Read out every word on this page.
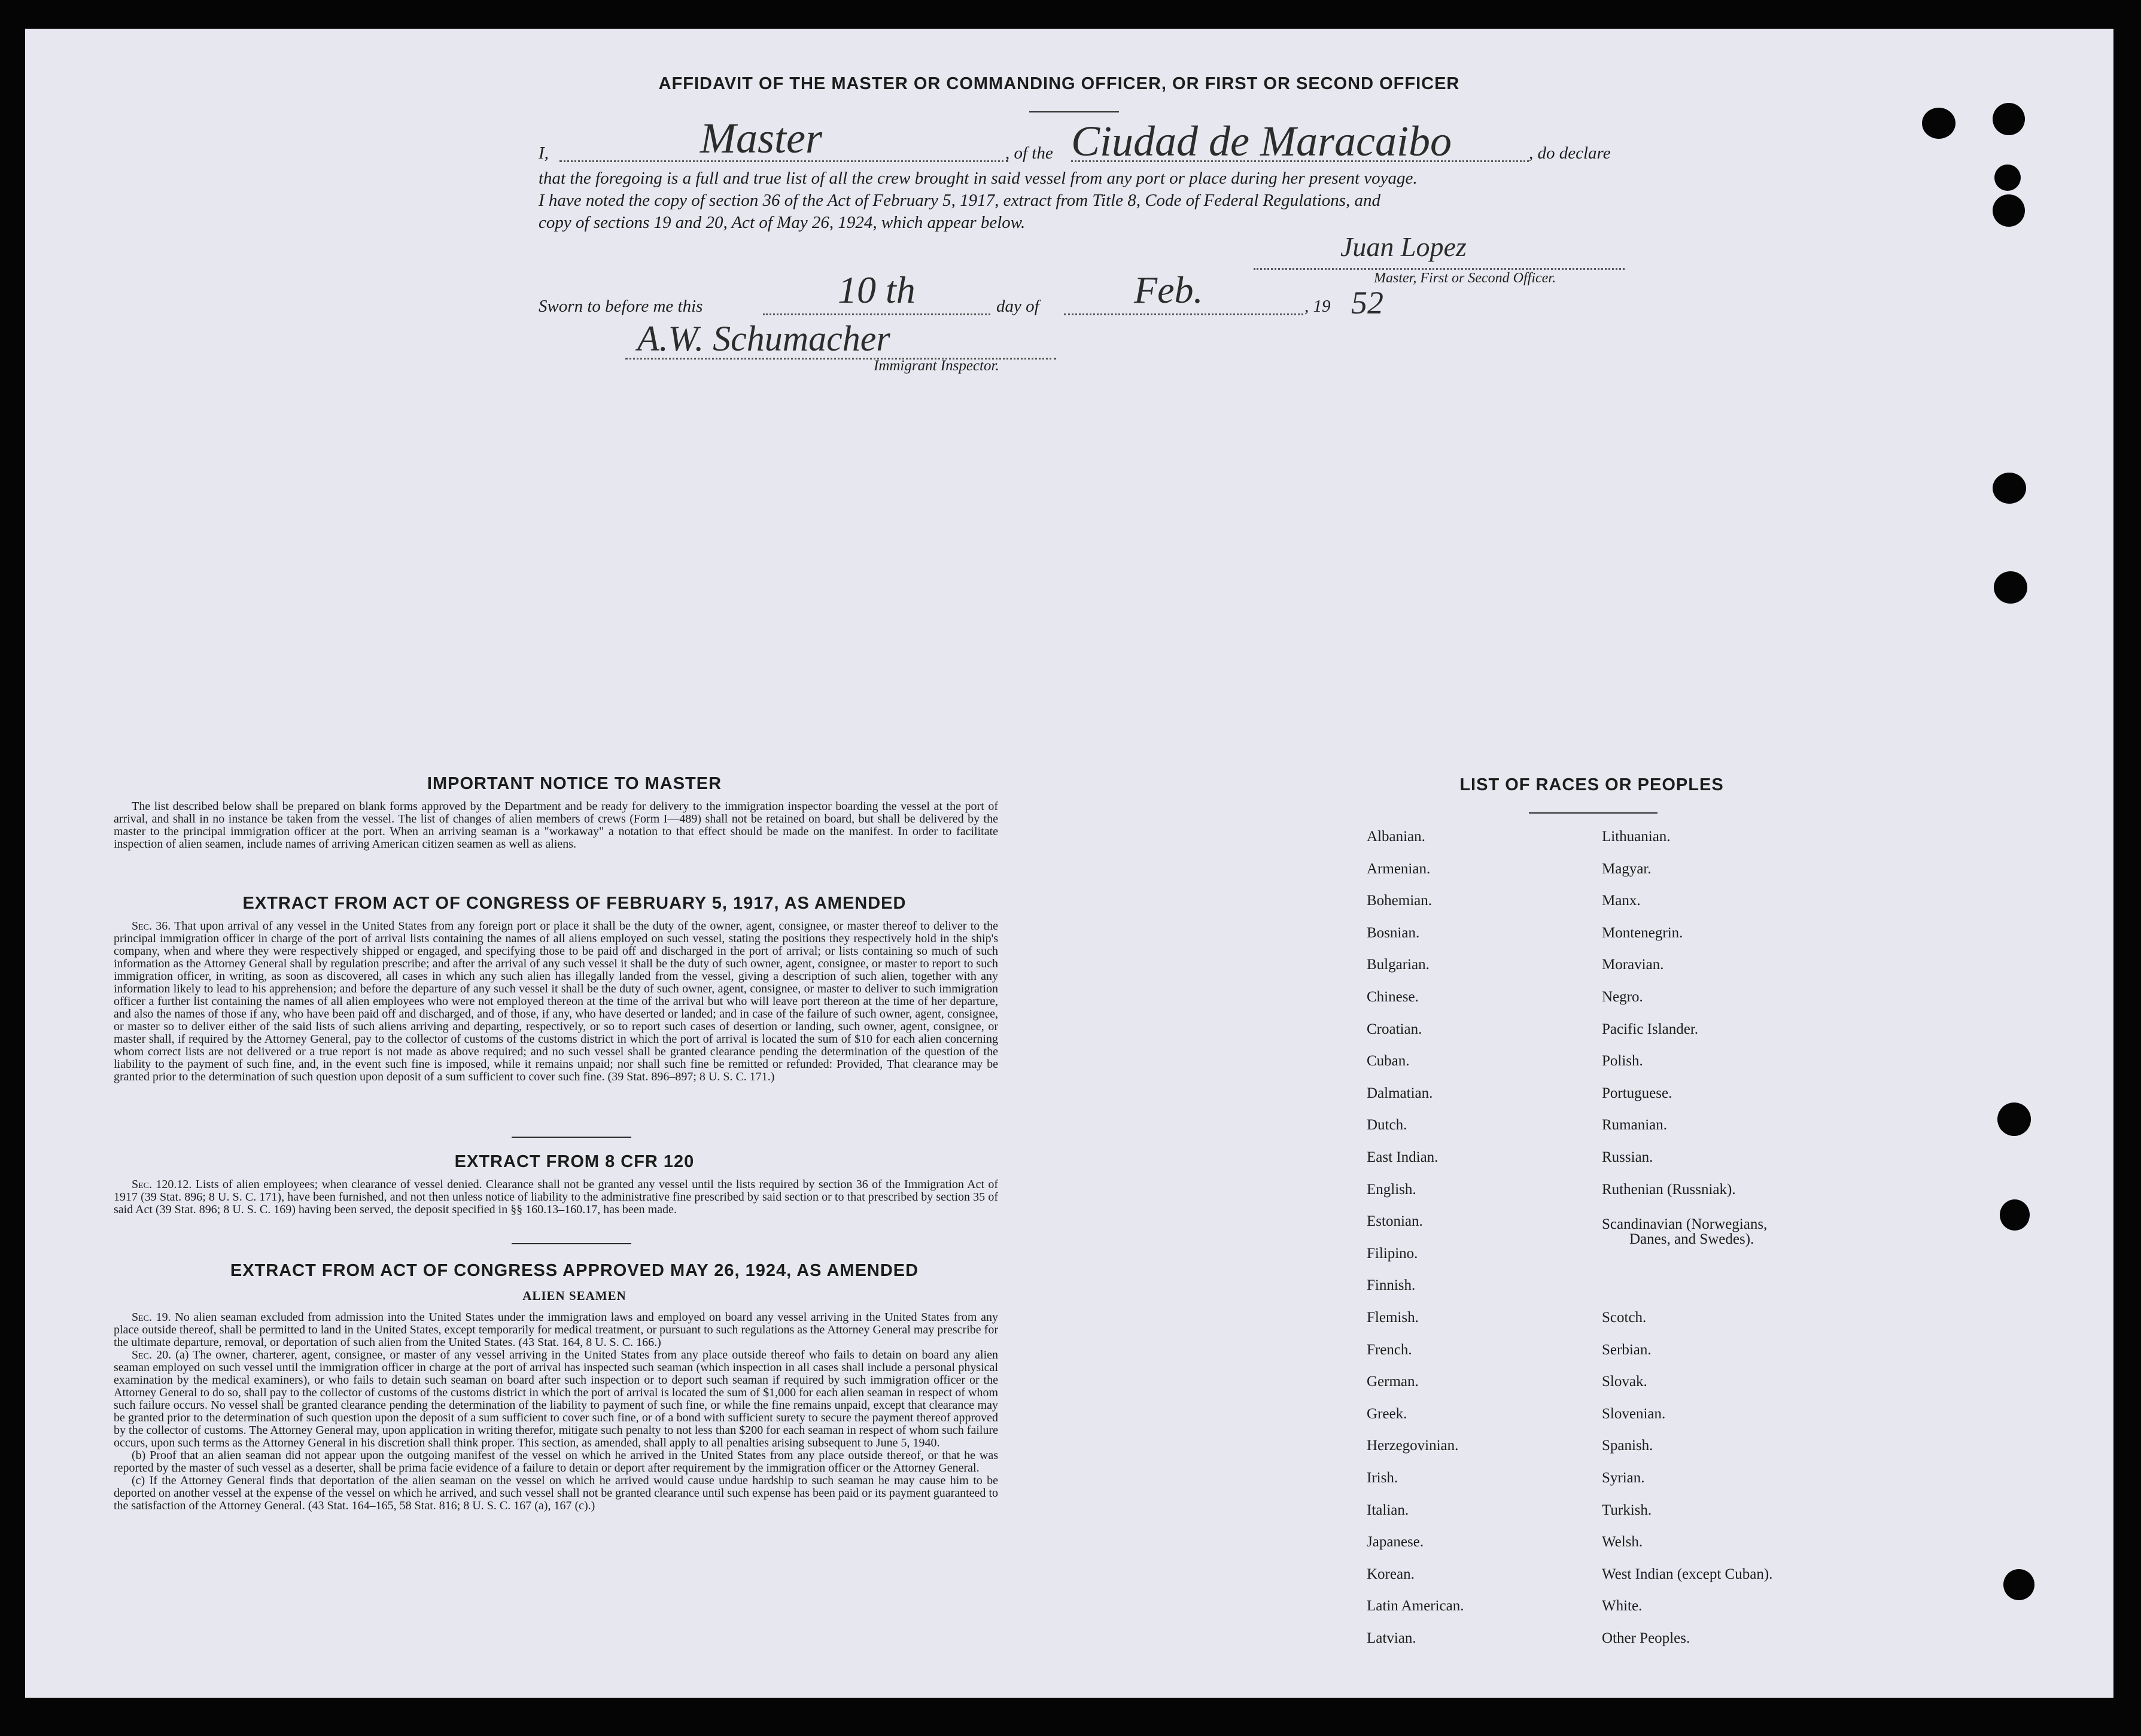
AFFIDAVIT OF THE MASTER OR COMMANDING OFFICER, OR FIRST OR SECOND OFFICER
I,	Master	, of the Ciudad de Maracaibo	, do declare
that the foregoing is a full and true list of all the crew brought in said vessel from any port or place during her present voyage.
I have noted the copy of section 36 of the Act of February 5, 1917, extract from Title 8, Code of Federal Regulations, and
copy of sections 19 and 20, Act of May 26, 1924, which appear below.
Juan Lopez
Master, First or Second Officer.
Sworn to before me this	10 th	day of Feb.	, 19 52
A.W. Schumacher
Immigrant Inspector.
IMPORTANT NOTICE TO MASTER

The list described below shall be prepared on blank forms approved by the Department and be ready for delivery to the immigration inspector boarding the vessel at the port of arrival, and shall in no instance be taken from the vessel. The list of changes of alien members of crews (Form I—489) shall not be retained on board, but shall be delivered by the master to the principal immigration officer at the port. When an arriving seaman is a "workaway" a notation to that effect should be made on the manifest. In order to facilitate inspection of alien seamen, include names of arriving American citizen seamen as well as aliens.

EXTRACT FROM ACT OF CONGRESS OF FEBRUARY 5, 1917, AS AMENDED

Sec. 36. That upon arrival of any vessel in the United States from any foreign port or place it shall be the duty of the owner, agent, consignee, or master thereof to deliver to the principal immigration officer in charge of the port of arrival lists containing the names of all aliens employed on such vessel, stating the positions they respectively hold in the ship's company, when and where they were respectively shipped or engaged, and specifying those to be paid off and discharged in the port of arrival; or lists containing so much of such information as the Attorney General shall by regulation prescribe; and after the arrival of any such vessel it shall be the duty of such owner, agent, consignee, or master to report to such immigration officer, in writing, as soon as discovered, all cases in which any such alien has illegally landed from the vessel, giving a description of such alien, together with any information likely to lead to his apprehension; and before the departure of any such vessel it shall be the duty of such owner, agent, consignee, or master to deliver to such immigration officer a further list containing the names of all alien employees who were not employed thereon at the time of the arrival but who will leave port thereon at the time of her departure, and also the names of those if any, who have been paid off and discharged, and of those, if any, who have deserted or landed; and in case of the failure of such owner, agent, consignee, or master so to deliver either of the said lists of such aliens arriving and departing, respectively, or so to report such cases of desertion or landing, such owner, agent, consignee, or master shall, if required by the Attorney General, pay to the collector of customs of the customs district in which the port of arrival is located the sum of $10 for each alien concerning whom correct lists are not delivered or a true report is not made as above required; and no such vessel shall be granted clearance pending the determination of the question of the liability to the payment of such fine, and, in the event such fine is imposed, while it remains unpaid; nor shall such fine be remitted or refunded: Provided, That clearance may be granted prior to the determination of such question upon deposit of a sum sufficient to cover such fine. (39 Stat. 896–897; 8 U. S. C. 171.)

EXTRACT FROM 8 CFR 120

Sec. 120.12. Lists of alien employees; when clearance of vessel denied. Clearance shall not be granted any vessel until the lists required by section 36 of the Immigration Act of 1917 (39 Stat. 896; 8 U. S. C. 171), have been furnished, and not then unless notice of liability to the administrative fine prescribed by said section or to that prescribed by section 35 of said Act (39 Stat. 896; 8 U. S. C. 169) having been served, the deposit specified in §§ 160.13–160.17, has been made.

EXTRACT FROM ACT OF CONGRESS APPROVED MAY 26, 1924, AS AMENDED
ALIEN SEAMEN

Sec. 19. No alien seaman excluded from admission into the United States under the immigration laws and employed on board any vessel arriving in the United States from any place outside thereof, shall be permitted to land in the United States, except temporarily for medical treatment, or pursuant to such regulations as the Attorney General may prescribe for the ultimate departure, removal, or deportation of such alien from the United States. (43 Stat. 164, 8 U. S. C. 166.)

Sec. 20. (a) The owner, charterer, agent, consignee, or master of any vessel arriving in the United States from any place outside thereof who fails to detain on board any alien seaman employed on such vessel until the immigration officer in charge at the port of arrival has inspected such seaman (which inspection in all cases shall include a personal physical examination by the medical examiners), or who fails to detain such seaman on board after such inspection or to deport such seaman if required by such immigration officer or the Attorney General to do so, shall pay to the collector of customs of the customs district in which the port of arrival is located the sum of $1,000 for each alien seaman in respect of whom such failure occurs. No vessel shall be granted clearance pending the determination of the liability to payment of such fine, or while the fine remains unpaid, except that clearance may be granted prior to the determination of such question upon the deposit of a sum sufficient to cover such fine, or of a bond with sufficient surety to secure the payment thereof approved by the collector of customs. The Attorney General may, upon application in writing therefor, mitigate such penalty to not less than $200 for each seaman in respect of whom such failure occurs, upon such terms as the Attorney General in his discretion shall think proper. This section, as amended, shall apply to all penalties arising subsequent to June 5, 1940.

(b) Proof that an alien seaman did not appear upon the outgoing manifest of the vessel on which he arrived in the United States from any place outside thereof, or that he was reported by the master of such vessel as a deserter, shall be prima facie evidence of a failure to detain or deport after requirement by the immigration officer or the Attorney General.

(c) If the Attorney General finds that deportation of the alien seaman on the vessel on which he arrived would cause undue hardship to such seaman he may cause him to be deported on another vessel at the expense of the vessel on which he arrived, and such vessel shall not be granted clearance until such expense has been paid or its payment guaranteed to the satisfaction of the Attorney General. (43 Stat. 164–165, 58 Stat. 816; 8 U. S. C. 167 (a), 167 (c).)

LIST OF RACES OR PEOPLES
Albanian.
Armenian.
Bohemian.
Bosnian.
Bulgarian.
Chinese.
Croatian.
Cuban.
Dalmatian.
Dutch.
East Indian.
English.
Estonian.
Filipino.
Finnish.
Flemish.
French.
German.
Greek.
Herzegovinian.
Irish.
Italian.
Japanese.
Korean.
Latin American.
Latvian.
Lithuanian.
Magyar.
Manx.
Montenegrin.
Moravian.
Negro.
Pacific Islander.
Polish.
Portuguese.
Rumanian.
Russian.
Ruthenian (Russniak).
Scandinavian (Norwegians,
Danes, and Swedes).
Scotch.
Serbian.
Slovak.
Slovenian.
Spanish.
Syrian.
Turkish.
Welsh.
West Indian (except Cuban).
White.
Other Peoples.
